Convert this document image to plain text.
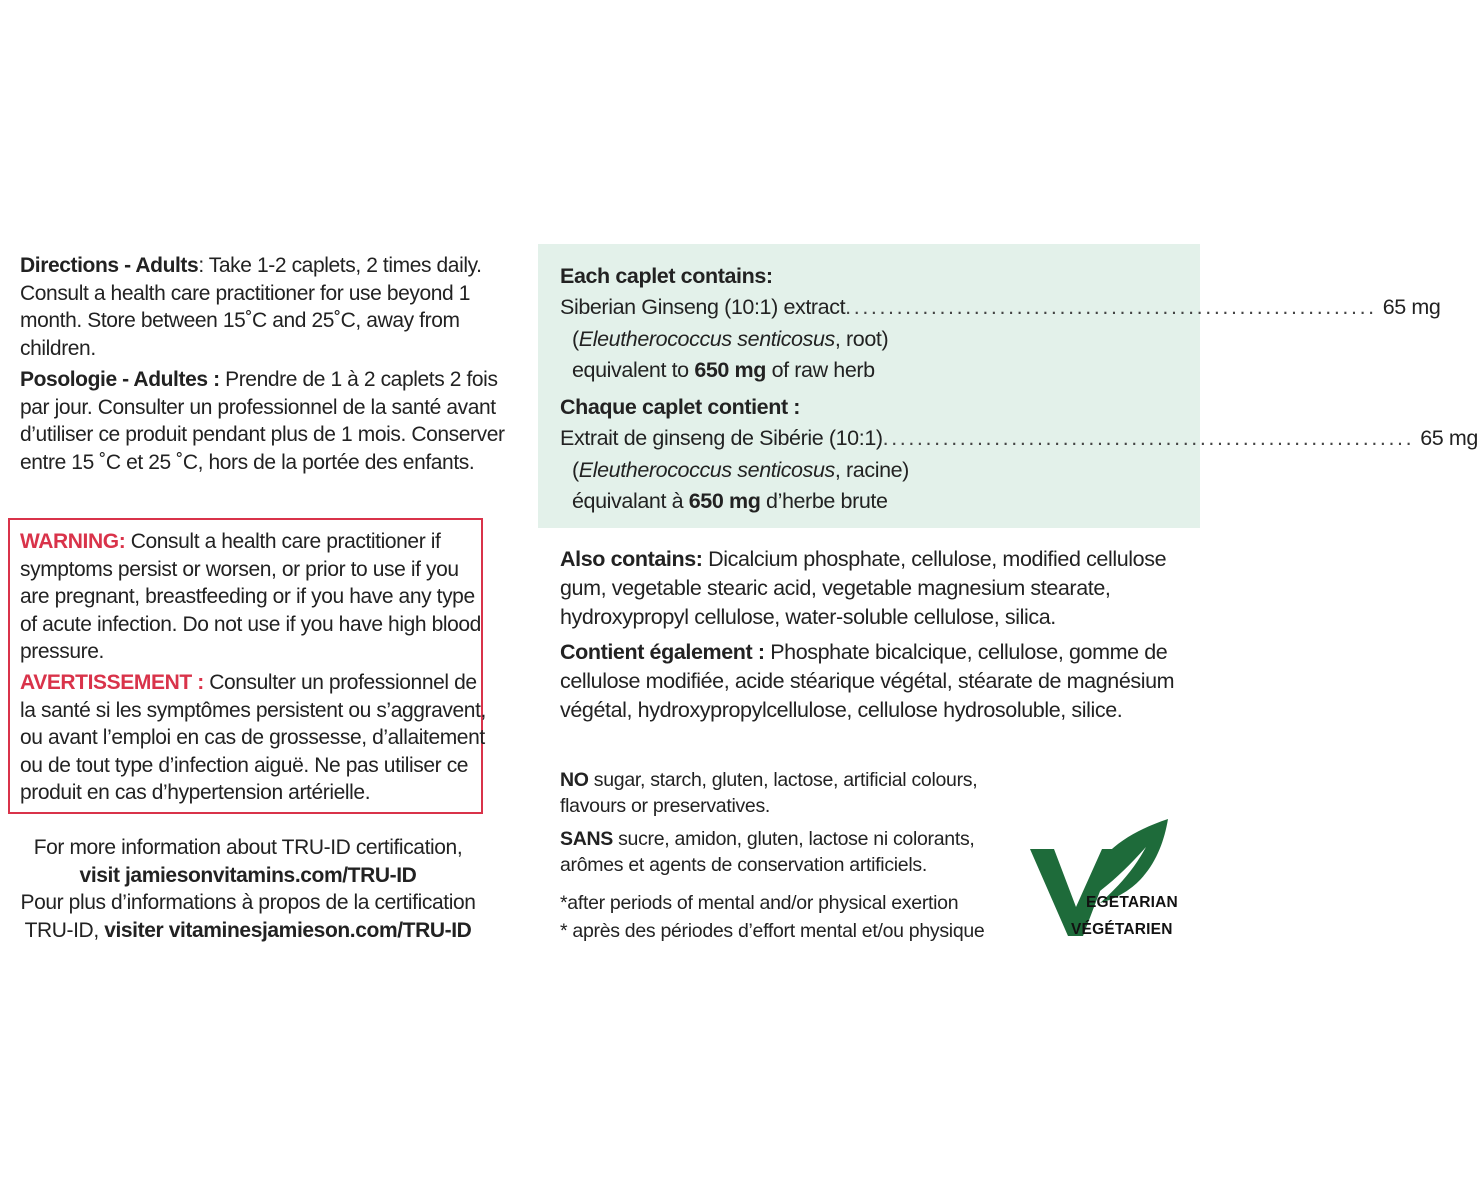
Directions - Adults: Take 1-2 caplets, 2 times daily. Consult a health care practitioner for use beyond 1 month. Store between 15˚C and 25˚C, away from children.
Posologie - Adultes : Prendre de 1 à 2 caplets 2 fois par jour. Consulter un professionnel de la santé avant d’utiliser ce produit pendant plus de 1 mois. Conserver entre 15 ˚C et 25 ˚C, hors de la portée des enfants.
WARNING: Consult a health care practitioner if symptoms persist or worsen, or prior to use if you are pregnant, breastfeeding or if you have any type of acute infection. Do not use if you have high blood pressure.
AVERTISSEMENT : Consulter un professionnel de la santé si les symptômes persistent ou s’aggravent, ou avant l’emploi en cas de grossesse, d’allaitement ou de tout type d’infection aiguë. Ne pas utiliser ce produit en cas d’hypertension artérielle.
For more information about TRU-ID certification,
visit jamiesonvitamins.com/TRU-ID
Pour plus d’informations à propos de la certification
TRU-ID, visiter vitaminesjamieson.com/TRU-ID
Each caplet contains:
Siberian Ginseng (10:1) extract .............................................................. 65 mg
(Eleutherococcus senticosus, root)
equivalent to 650 mg of raw herb
Chaque caplet contient :
Extrait de ginseng de Sibérie (10:1) .............................................................. 65 mg
(Eleutherococcus senticosus, racine)
équivalant à 650 mg d’herbe brute
Also contains: Dicalcium phosphate, cellulose, modified cellulose gum, vegetable stearic acid, vegetable magnesium stearate, hydroxypropyl cellulose, water-soluble cellulose, silica.
Contient également : Phosphate bicalcique, cellulose, gomme de cellulose modifiée, acide stéarique végétal, stéarate de magnésium végétal, hydroxypropylcellulose, cellulose hydrosoluble, silice.
NO sugar, starch, gluten, lactose, artificial colours, flavours or preservatives.
SANS sucre, amidon, gluten, lactose ni colorants, arômes et agents de conservation artificiels.
*after periods of mental and/or physical exertion
* après des périodes d’effort mental et/ou physique
EGETARIAN
VÉGÉTARIEN
